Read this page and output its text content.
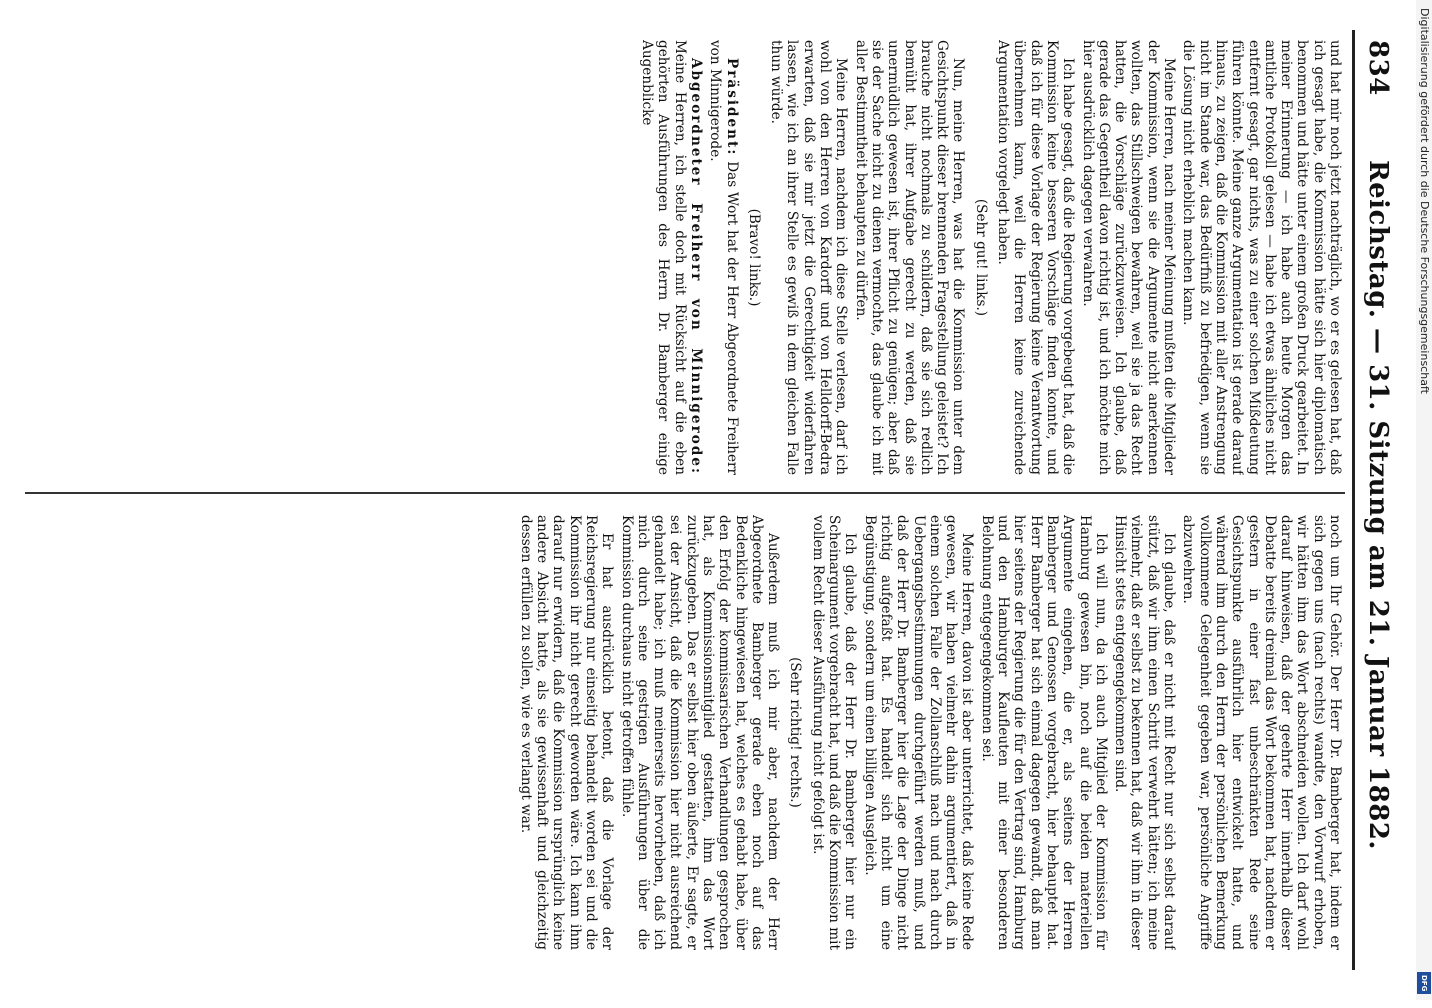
834
Reichstag. — 31. Sitzung am 21. Januar 1882.

und hat mir noch jetzt nachträglich, wo er es gelesen hat, daß ich gesagt habe, die Kommission hätte sich hier diplomatisch benommen und hätte unter einem großen Druck gearbeitet. In meiner Erinnerung — ich habe auch heute Morgen das amtliche Protokoll gelesen — habe ich etwas ähnliches nicht entfernt gesagt, gar nichts, was zu einer solchen Mißdeutung führen könnte. Meine ganze Argumentation ist gerade darauf hinaus, zu zeigen, daß die Kommission mit aller Anstrengung nicht im Stande war, das Bedürfniß zu befriedigen, wenn sie die Lösung nicht erheblich machen kann.

Meine Herren, nach meiner Meinung mußten die Mitglieder der Kommission, wenn sie die Argumente nicht anerkennen wollten, das Stillschweigen bewahren, weil sie ja das Recht hatten, die Vorschläge zurückzuweisen. Ich glaube, daß gerade das Gegentheil davon richtig ist, und ich möchte mich hier ausdrücklich dagegen verwahren.

Ich habe gesagt, daß die Regierung vorgebeugt hat, daß die Kommission keine besseren Vorschläge finden konnte, und daß ich für diese Vorlage der Regierung keine Verantwortung übernehmen kann, weil die Herren keine zureichende Argumentation vorgelegt haben.

(Sehr gut! links.)

Nun, meine Herren, was hat die Kommission unter dem Gesichtspunkt dieser brennenden Fragestellung geleistet? Ich brauche nicht nochmals zu schildern, daß sie sich redlich bemüht hat, ihrer Aufgabe gerecht zu werden, daß sie unermüdlich gewesen ist, ihrer Pflicht zu genügen; aber daß sie der Sache nicht zu dienen vermochte, das glaube ich mit aller Bestimmtheit behaupten zu dürfen.

Meine Herren, nachdem ich diese Stelle verlesen, darf ich wohl von den Herren von Kardorff und von Helldorff-Bedra erwarten, daß sie mir jetzt die Gerechtigkeit widerfahren lassen, wie ich an ihrer Stelle es gewiß in dem gleichen Falle thun würde.

(Bravo! links.)

Präsident: Das Wort hat der Herr Abgeordnete Freiherr von Minnigerode.

Abgeordneter Freiherr von Minnigerode: Meine Herren, ich stelle doch mit Rücksicht auf die eben gehörten Ausführungen des Herrn Dr. Bamberger einige Augenblicke

noch um Ihr Gehör. Der Herr Dr. Bamberger hat, indem er sich gegen uns (nach rechts) wandte, den Vorwurf erhoben, wir hätten ihm das Wort abschneiden wollen. Ich darf wohl darauf hinweisen, daß der geehrte Herr innerhalb dieser Debatte bereits dreimal das Wort bekommen hat, nachdem er gestern in einer fast unbeschränkten Rede seine Gesichtspunkte ausführlich hier entwickelt hatte, und während ihm durch den Herrn der persönlichen Bemerkung vollkommene Gelegenheit gegeben war, persönliche Angriffe abzuwehren.

Ich glaube, daß er nicht mit Recht nur sich selbst darauf stützt, daß wir ihm einen Schritt verwehrt hätten; ich meine vielmehr, daß er selbst zu bekennen hat, daß wir ihm in dieser Hinsicht stets entgegengekommen sind.

Ich will nun, da ich auch Mitglied der Kommission für Hamburg gewesen bin, noch auf die beiden materiellen Argumente eingehen, die er, als seitens der Herren Bamberger und Genossen vorgebracht, hier behauptet hat. Herr Bamberger hat sich einmal dagegen gewandt, daß man hier seitens der Regierung die für den Vertrag sind, Hamburg und den Hamburger Kaufleuten mit einer besonderen Belohnung entgegengekommen sei.

Meine Herren, davon ist aber unterrichtet, daß keine Rede gewesen, wir haben vielmehr dahin argumentiert, daß in einem solchen Falle der Zollanschluß nach und nach durch Uebergangsbestimmungen durchgeführt werden muß, und daß der Herr Dr. Bamberger hier die Lage der Dinge nicht richtig aufgefaßt hat. Es handelt sich nicht um eine Begünstigung, sondern um einen billigen Ausgleich.

Ich glaube, daß der Herr Dr. Bamberger hier nur ein Scheinargument vorgebracht hat, und daß die Kommission mit vollem Recht dieser Ausführung nicht gefolgt ist.

(Sehr richtig! rechts.)

Außerdem muß ich mir aber, nachdem der Herr Abgeordnete Bamberger gerade eben noch auf das Bedenkliche hingewiesen hat, welches es gehabt habe, über den Erfolg der kommissarischen Verhandlungen gesprochen hat, als Kommissionsmitglied gestatten, ihm das Wort zurückzugeben. Das er selbst hier oben äußerte, Er sagte, er sei der Ansicht, daß die Kommission hier nicht ausreichend gehandelt habe; ich muß meinerseits hervorheben, daß ich mich durch seine gestrigen Ausführungen über die Kommission durchaus nicht getroffen fühle.

Er hat ausdrücklich betont, daß die Vorlage der Reichsregierung nur einseitig behandelt worden sei und die Kommission ihr nicht gerecht geworden wäre. Ich kann ihm darauf nur erwidern, daß die Kommission ursprünglich keine andere Absicht hatte, als sie gewissenhaft und gleichzeitig dessen erfüllen zu sollen, wie es verlangt war.

Digitalisierung gefördert durch die Deutsche Forschungsgemeinschaft
DFG
